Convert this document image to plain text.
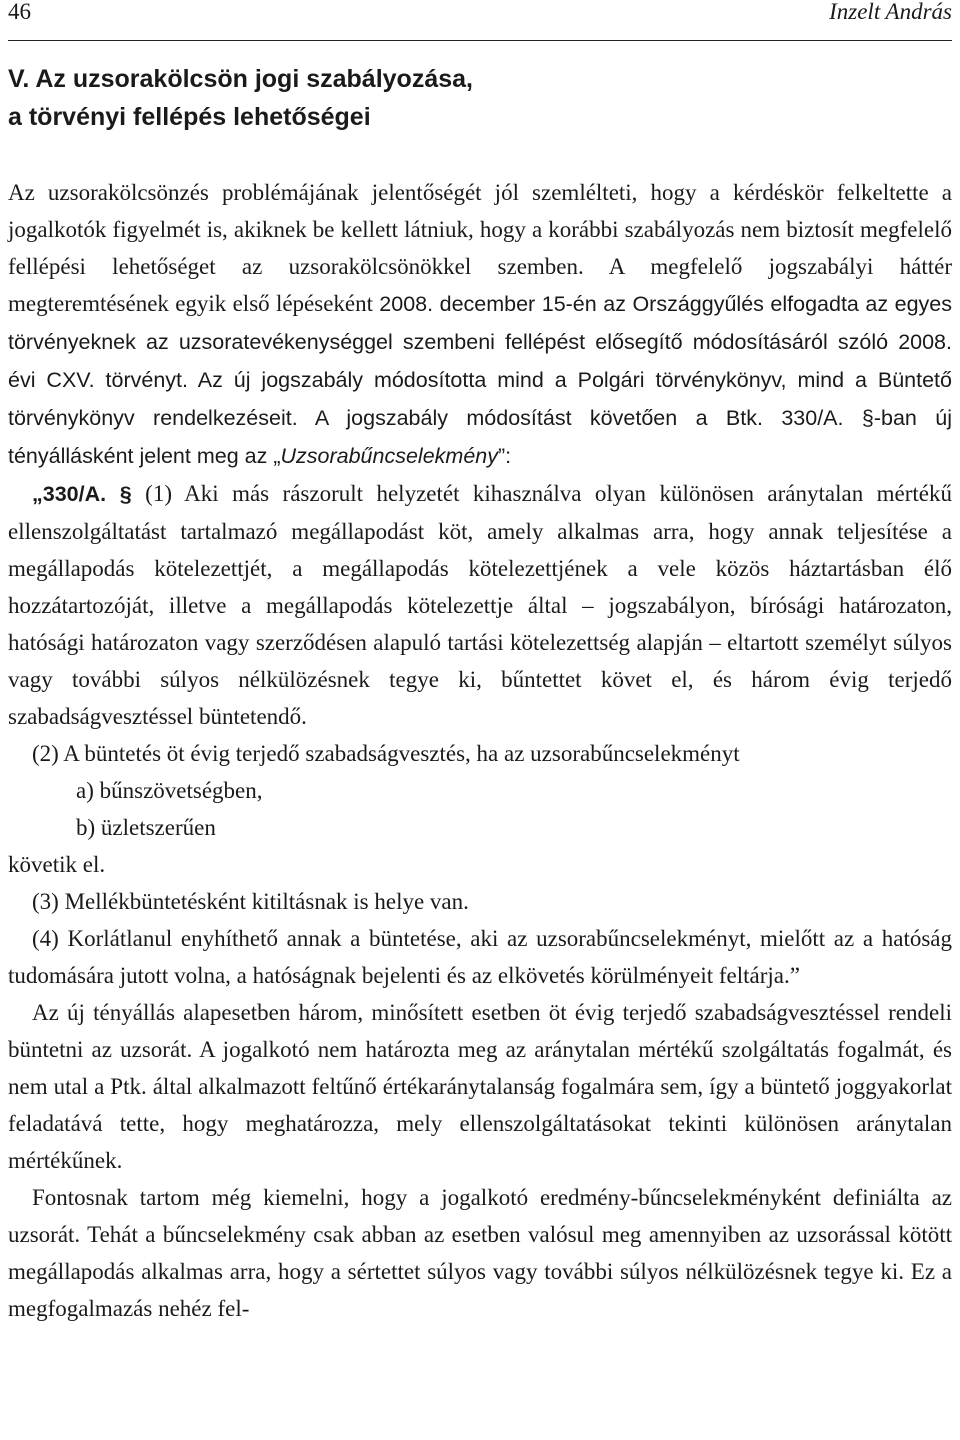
46	Inzelt András
V. Az uzsorakölcsön jogi szabályozása,
a törvényi fellépés lehetőségei

Az uzsorakölcsönzés problémájának jelentőségét jól szemlélteti, hogy a kérdéskör felkeltette a jogalkotók figyelmét is, akiknek be kellett látniuk, hogy a korábbi szabályozás nem biztosít megfelelő fellépési lehetőséget az uzsorakölcsönökkel szemben. A megfelelő jogszabályi háttér megteremtésének egyik első lépéseként 2008. december 15-én az Országgyűlés elfogadta az egyes törvényeknek az uzsoratevékenységgel szembeni fellépést elősegítő módosításáról szóló 2008. évi CXV. törvényt. Az új jogszabály módosította mind a Polgári törvénykönyv, mind a Büntető törvénykönyv rendelkezéseit. A jogszabály módosítást követően a Btk. 330/A. §-ban új tényállásként jelent meg az „Uzsorabűncselekmény”:

„330/A. § (1) Aki más rászorult helyzetét kihasználva olyan különösen aránytalan mértékű ellenszolgáltatást tartalmazó megállapodást köt, amely alkalmas arra, hogy annak teljesítése a megállapodás kötelezettjét, a megállapodás kötelezettjének a vele közös háztartásban élő hozzátartozóját, illetve a megállapodás kötelezettje által – jogszabályon, bírósági határozaton, hatósági határozaton vagy szerződésen alapuló tartási kötelezettség alapján – eltartott személyt súlyos vagy további súlyos nélkülözésnek tegye ki, bűntettet követ el, és három évig terjedő szabadságvesztéssel büntetendő.

(2) A büntetés öt évig terjedő szabadságvesztés, ha az uzsorabűncselekményt

a) bűnszövetségben,

b) üzletszerűen

követik el.

(3) Mellékbüntetésként kitiltásnak is helye van.

(4) Korlátlanul enyhíthető annak a büntetése, aki az uzsorabűncselekményt, mielőtt az a hatóság tudomására jutott volna, a hatóságnak bejelenti és az elkövetés körülményeit feltárja.”

Az új tényállás alapesetben három, minősített esetben öt évig terjedő szabadságvesztéssel rendeli büntetni az uzsorát. A jogalkotó nem határozta meg az aránytalan mértékű szolgáltatás fogalmát, és nem utal a Ptk. által alkalmazott feltűnő értékaránytalanság fogalmára sem, így a büntető joggyakorlat feladatává tette, hogy meghatározza, mely ellenszolgáltatásokat tekinti különösen aránytalan mértékűnek.

Fontosnak tartom még kiemelni, hogy a jogalkotó eredmény-bűncselekményként definiálta az uzsorát. Tehát a bűncselekmény csak abban az esetben valósul meg amennyiben az uzsorással kötött megállapodás alkalmas arra, hogy a sértettet súlyos vagy további súlyos nélkülözésnek tegye ki. Ez a megfogalmazás nehéz fel-
